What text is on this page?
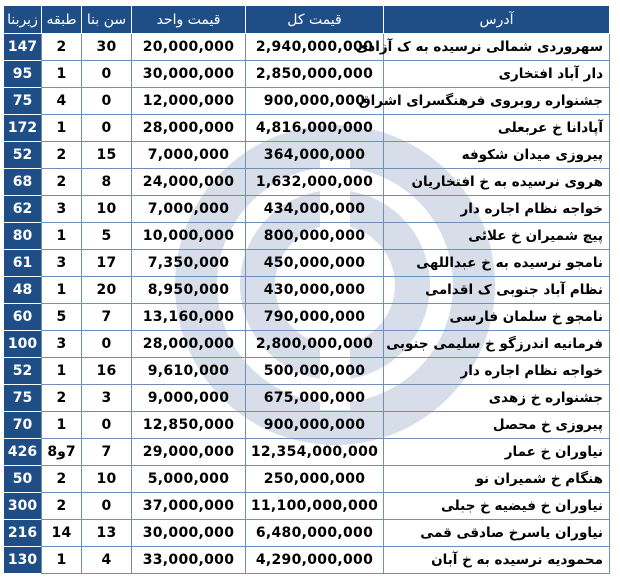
آدرس	قیمت کل	قیمت واحد	سن بنا	طبقه	زیربنا
سهروردی شمالی نرسیده به ک آزادی	2,940,000,000	20,000,000	30	2	147
دار آباد افتخاری	2,850,000,000	30,000,000	0	1	95
جشنواره روبروی فرهنگسرای اشراق	900,000,000	12,000,000	0	4	75
آپادانا خ عربعلی	4,816,000,000	28,000,000	0	1	172
پیروزی میدان شکوفه	364,000,000	7,000,000	15	2	52
هروی نرسیده به خ افتخاریان	1,632,000,000	24,000,000	8	2	68
خواجه نظام اجاره دار	434,000,000	7,000,000	10	3	62
پیچ شمیران خ علائی	800,000,000	10,000,000	5	1	80
نامجو نرسیده به خ عبداللهی	450,000,000	7,350,000	17	3	61
نظام آباد جنوبی ک اقدامی	430,000,000	8,950,000	20	1	48
نامجو خ سلمان فارسی	790,000,000	13,160,000	7	5	60
فرمانیه اندرزگو خ سلیمی جنوبی	2,800,000,000	28,000,000	0	3	100
خواجه نظام اجاره دار	500,000,000	9,610,000	16	1	52
جشنواره خ زهدی	675,000,000	9,000,000	3	2	75
پیروزی خ محصل	900,000,000	12,850,000	0	1	70
نیاوران خ عمار	12,354,000,000	29,000,000	7	7و8	426
هنگام خ شمیران نو	250,000,000	5,000,000	10	2	50
نیاوران خ فیضیه خ جبلی	11,100,000,000	37,000,000	0	2	300
نیاوران یاسرخ صادقی قمی	6,480,000,000	30,000,000	13	14	216
محمودیه نرسیده به خ آبان	4,290,000,000	33,000,000	4	1	130
